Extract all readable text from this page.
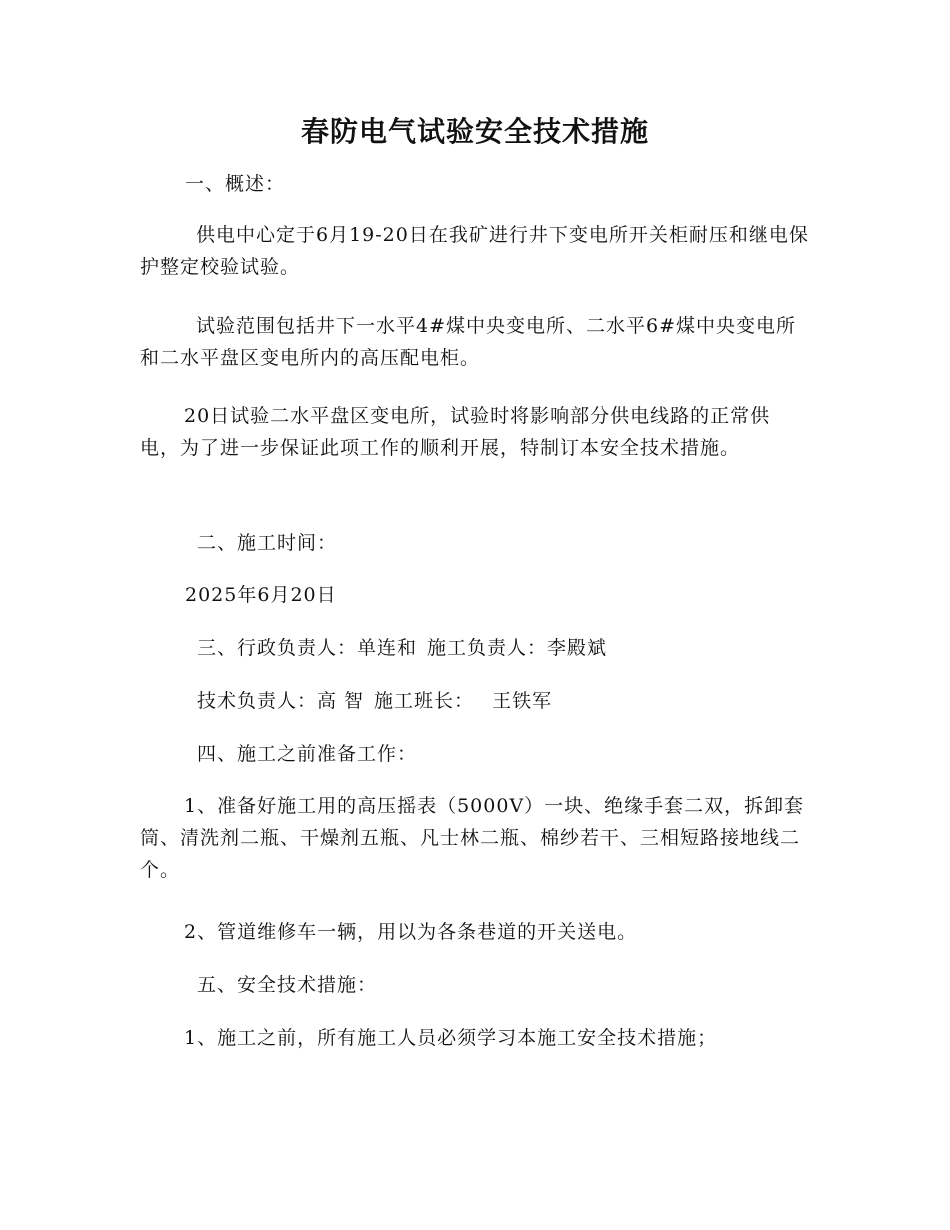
春防电气试验安全技术措施

一、概述：

供电中心定于6月19-20日在我矿进行井下变电所开关柜耐压和继电保护整定校验试验。

试验范围包括井下一水平4#煤中央变电所、二水平6#煤中央变电所和二水平盘区变电所内的高压配电柜。

20日试验二水平盘区变电所，试验时将影响部分供电线路的正常供电，为了进一步保证此项工作的顺利开展，特制订本安全技术措施。

二、施工时间：

2025年6月20日

三、行政负责人：单连和 施工负责人：李殿斌

技术负责人：高 智 施工班长： 王铁军

四、施工之前准备工作：

1、准备好施工用的高压摇表（5000V）一块、绝缘手套二双，拆卸套筒、清洗剂二瓶、干燥剂五瓶、凡士林二瓶、棉纱若干、三相短路接地线二个。

2、管道维修车一辆，用以为各条巷道的开关送电。

五、安全技术措施：

1、施工之前，所有施工人员必须学习本施工安全技术措施；
